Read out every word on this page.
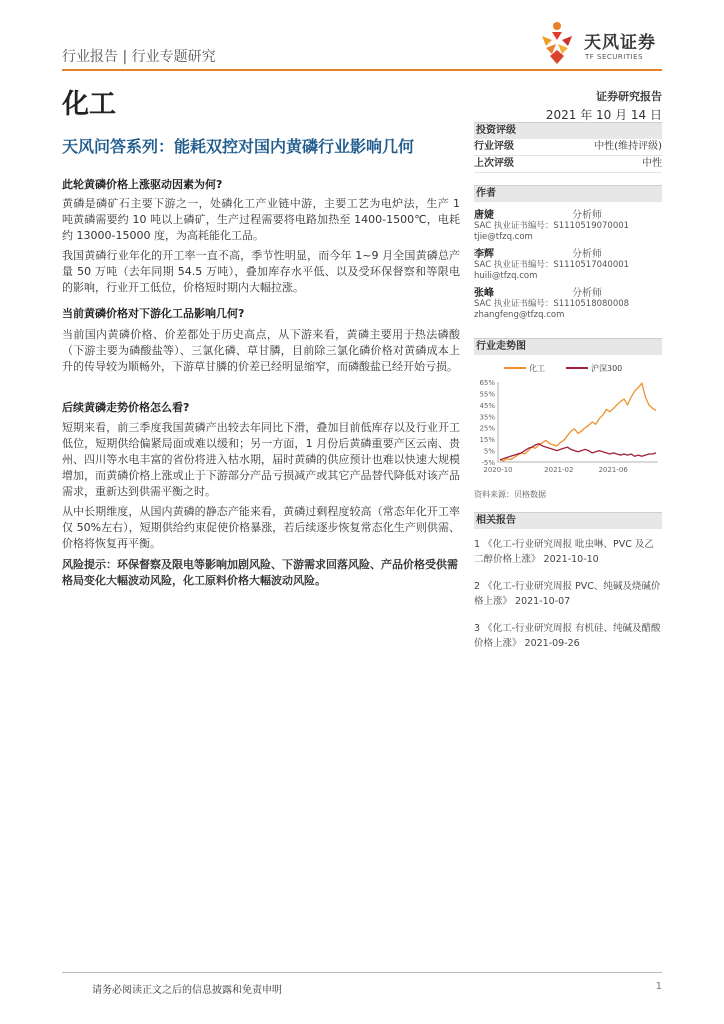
行业报告 | 行业专题研究
天风证券
TF SECURITIES
化工	证券研究报告
2021 年 10 月 14 日
天风问答系列：能耗双控对国内黄磷行业影响几何
此轮黄磷价格上涨驱动因素为何?
黄磷是磷矿石主要下游之一，处磷化工产业链中游，主要工艺为电炉法，生产 1 吨黄磷需要约 10 吨以上磷矿，生产过程需要将电路加热至 1400-1500℃，电耗约 13000-15000 度，为高耗能化工品。
我国黄磷行业年化的开工率一直不高，季节性明显，而今年 1~9 月全国黄磷总产量 50 万吨（去年同期 54.5 万吨），叠加库存水平低、以及受环保督察和等限电的影响，行业开工低位，价格短时期内大幅拉涨。
当前黄磷价格对下游化工品影响几何?
当前国内黄磷价格、价差都处于历史高点，从下游来看，黄磷主要用于热法磷酸（下游主要为磷酸盐等）、三氯化磷、草甘膦，目前除三氯化磷价格对黄磷成本上升的传导较为顺畅外，下游草甘膦的价差已经明显缩窄，而磷酸盐已经开始亏损。
后续黄磷走势价格怎么看?
短期来看，前三季度我国黄磷产出较去年同比下滑，叠加目前低库存以及行业开工低位，短期供给偏紧局面或难以缓和；另一方面，1 月份后黄磷重要产区云南、贵州、四川等水电丰富的省份将进入枯水期，届时黄磷的供应预计也难以快速大规模增加，而黄磷价格上涨或止于下游部分产品亏损减产或其它产品替代降低对该产品需求，重新达到供需平衡之时。
从中长期维度，从国内黄磷的静态产能来看，黄磷过剩程度较高（常态年化开工率仅 50%左右），短期供给约束促使价格暴涨，若后续逐步恢复常态化生产则供需、价格将恢复再平衡。
风险提示：环保督察及限电等影响加剧风险、下游需求回落风险、产品价格受供需格局变化大幅波动风险，化工原料价格大幅波动风险。
投资评级
行业评级	中性(维持评级)
上次评级	中性
作者
唐婕	分析师
SAC 执业证书编号：S1110519070001
tjie@tfzq.com
李辉	分析师
SAC 执业证书编号：S1110517040001
huili@tfzq.com
张峰	分析师
SAC 执业证书编号：S1110518080008
zhangfeng@tfzq.com
行业走势图
化工	沪深300
65%
55%
45%
35%
25%
15%
5%
-5%
2020-10	2021-02	2021-06
资料来源：贝格数据
相关报告
1 《化工-行业研究周报 吡虫啉、PVC 及乙二醇价格上涨》 2021-10-10
2 《化工-行业研究周报 PVC、纯碱及烧碱价格上涨》 2021-10-07
3 《化工-行业研究周报 有机硅、纯碱及醋酸价格上涨》 2021-09-26
请务必阅读正文之后的信息披露和免责申明	1
